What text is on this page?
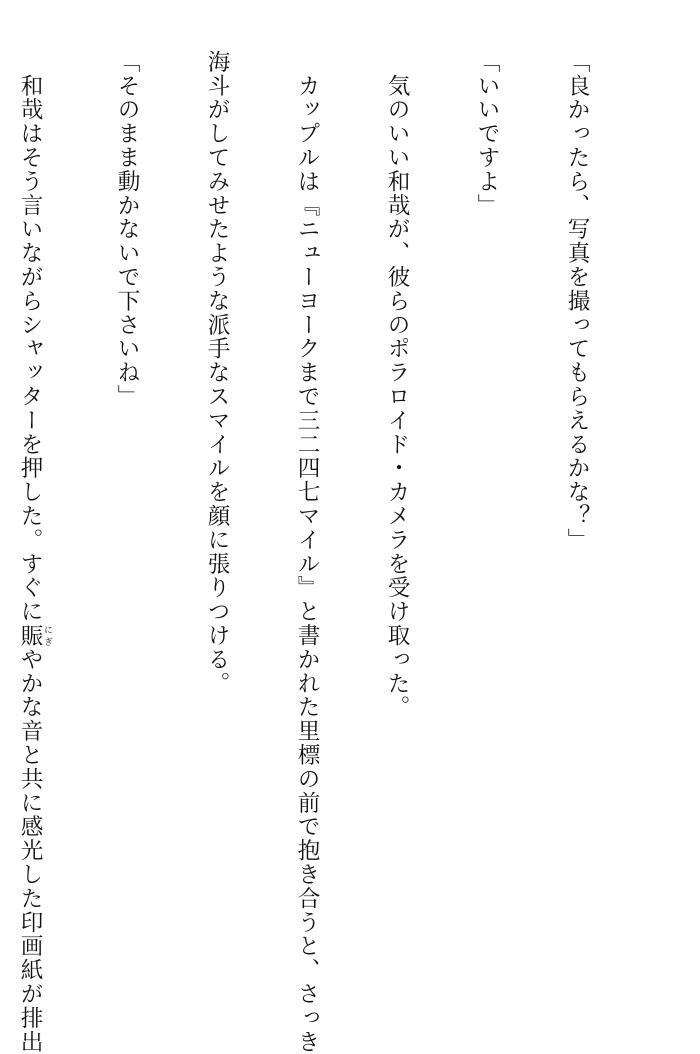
「良かったら、写真を撮ってもらえるかな？」

「いいですよ」

　気のいい和哉が、彼らのポラロイド・カメラを受け取った。

　カップルは『ニューヨークまで三二四七マイル』と書かれた里標の前で抱き合うと、さっき

海斗がしてみせたような派手なスマイルを顔に張りつける。

「そのまま動かないで下さいね」

　和哉はそう言いながらシャッターを押した。すぐに賑 にぎやかな音と共に感光した印画紙が排出
